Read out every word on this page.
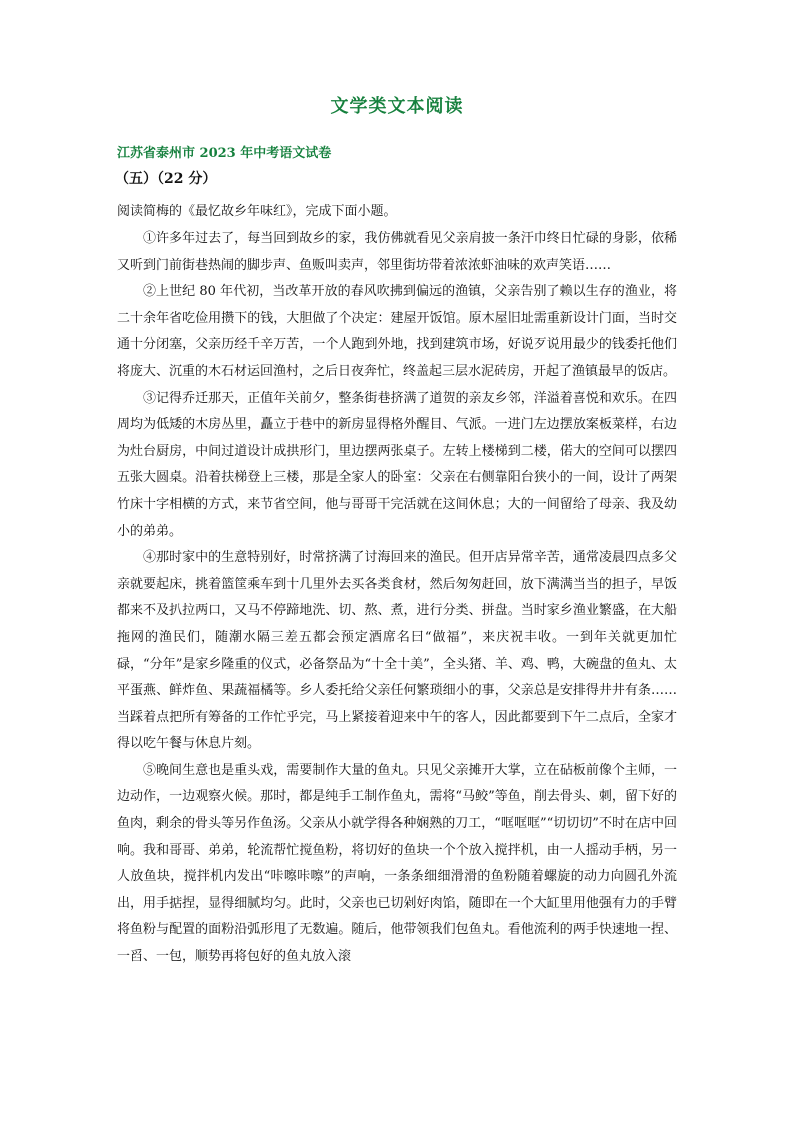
文学类文本阅读
江苏省泰州市 2023 年中考语文试卷
（五）（22 分）
阅读简梅的《最忆故乡年味红》，完成下面小题。

①许多年过去了，每当回到故乡的家，我仿佛就看见父亲肩披一条汗巾终日忙碌的身影，依稀又听到门前街巷热闹的脚步声、鱼贩叫卖声，邻里街坊带着浓浓虾油味的欢声笑语……

②上世纪 80 年代初，当改革开放的春风吹拂到偏远的渔镇，父亲告别了赖以生存的渔业，将二十余年省吃俭用攒下的钱，大胆做了个决定：建屋开饭馆。原木屋旧址需重新设计门面，当时交通十分闭塞，父亲历经千辛万苦，一个人跑到外地，找到建筑市场，好说歹说用最少的钱委托他们将庞大、沉重的木石材运回渔村，之后日夜奔忙，终盖起三层水泥砖房，开起了渔镇最早的饭店。

③记得乔迁那天，正值年关前夕，整条街巷挤满了道贺的亲友乡邻，洋溢着喜悦和欢乐。在四周均为低矮的木房丛里，矗立于巷中的新房显得格外醒目、气派。一进门左边摆放案板菜样，右边为灶台厨房，中间过道设计成拱形门，里边摆两张桌子。左转上楼梯到二楼，偌大的空间可以摆四五张大圆桌。沿着扶梯登上三楼，那是全家人的卧室：父亲在右侧靠阳台狭小的一间，设计了两架竹床十字相横的方式，来节省空间，他与哥哥干完活就在这间休息；大的一间留给了母亲、我及幼小的弟弟。

④那时家中的生意特别好，时常挤满了讨海回来的渔民。但开店异常辛苦，通常凌晨四点多父亲就要起床，挑着篮筐乘车到十几里外去买各类食材，然后匆匆赶回，放下满满当当的担子，早饭都来不及扒拉两口，又马不停蹄地洗、切、熬、煮，进行分类、拼盘。当时家乡渔业繁盛，在大船拖网的渔民们，随潮水隔三差五都会预定酒席名曰“做福”，来庆祝丰收。一到年关就更加忙碌，“分年”是家乡隆重的仪式，必备祭品为“十全十美”，全头猪、羊、鸡、鸭，大碗盘的鱼丸、太平蛋燕、鲜炸鱼、果蔬福橘等。乡人委托给父亲任何繁琐细小的事，父亲总是安排得井井有条……当踩着点把所有筹备的工作忙乎完，马上紧接着迎来中午的客人，因此都要到下午二点后，全家才得以吃午餐与休息片刻。

⑤晚间生意也是重头戏，需要制作大量的鱼丸。只见父亲摊开大掌，立在砧板前像个主师，一边动作，一边观察火候。那时，都是纯手工制作鱼丸，需将“马鲛”等鱼，削去骨头、刺，留下好的鱼肉，剩余的骨头等另作鱼汤。父亲从小就学得各种娴熟的刀工，“哐哐哐”“切切切”不时在店中回响。我和哥哥、弟弟，轮流帮忙搅鱼粉，将切好的鱼块一个个放入搅拌机，由一人摇动手柄，另一人放鱼块，搅拌机内发出“咔嚓咔嚓”的声响，一条条细细滑滑的鱼粉随着螺旋的动力向圆孔外流出，用手掂捏，显得细腻均匀。此时，父亲也已切剁好肉馅，随即在一个大缸里用他强有力的手臂将鱼粉与配置的面粉沿弧形甩了无数遍。随后，他带领我们包鱼丸。看他流利的两手快速地一捏、一舀、一包，顺势再将包好的鱼丸放入滚
